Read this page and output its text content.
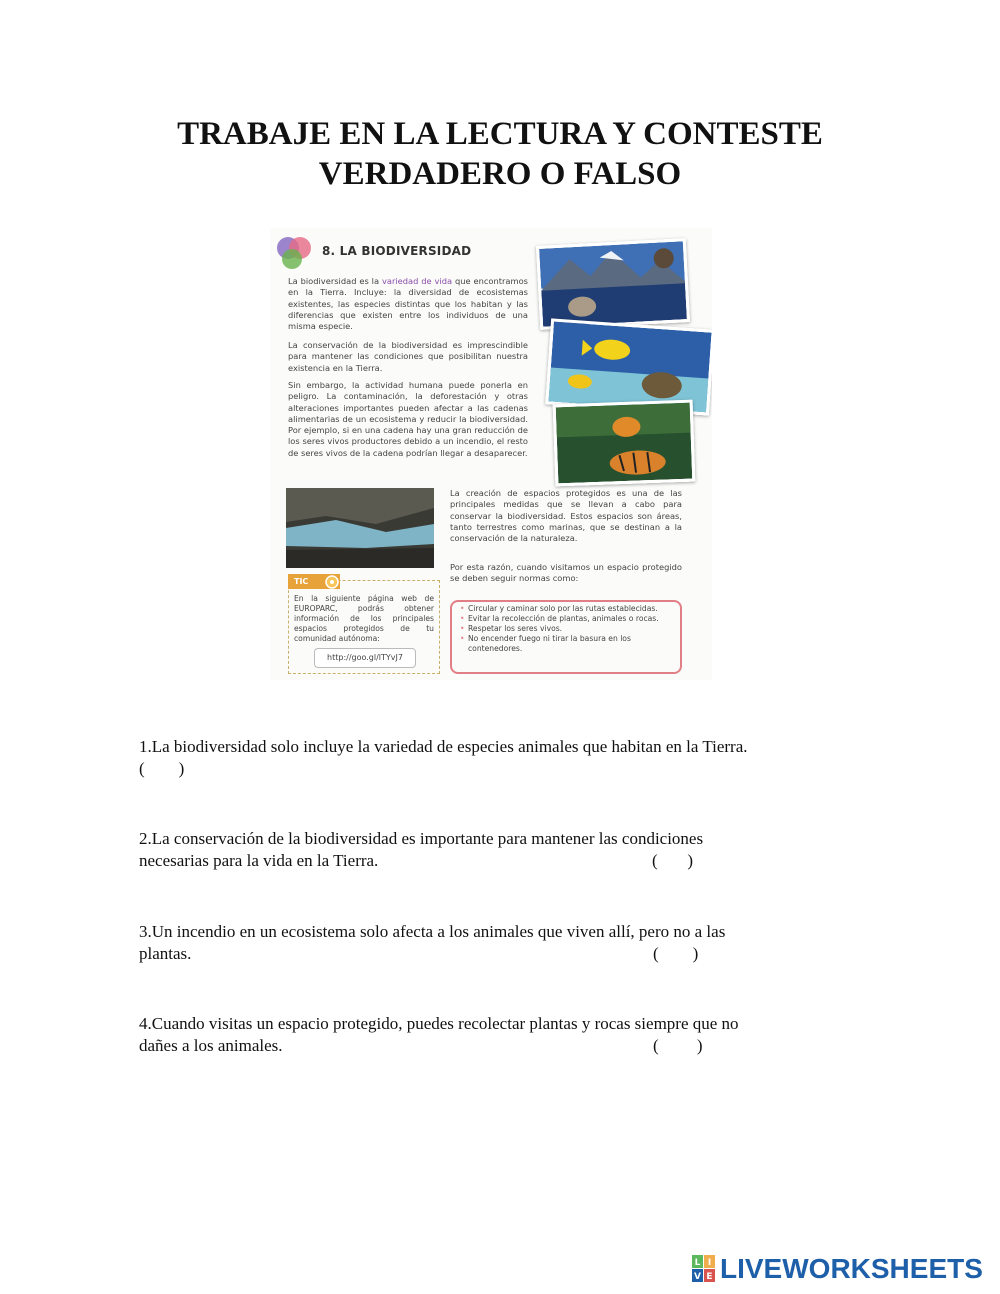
TRABAJE EN LA LECTURA Y CONTESTE
VERDADERO O FALSO
8. LA BIODIVERSIDAD
La biodiversidad es la variedad de vida que encontramos en la Tierra. Incluye: la diversidad de ecosistemas existentes, las especies distintas que los habitan y las diferencias que existen entre los individuos de una misma especie.
La conservación de la biodiversidad es imprescindible para mantener las condiciones que posibilitan nuestra existencia en la Tierra.
Sin embargo, la actividad humana puede ponerla en peligro. La contaminación, la deforestación y otras alteraciones importantes pueden afectar a las cadenas alimentarias de un ecosistema y reducir la biodiversidad. Por ejemplo, si en una cadena hay una gran reducción de los seres vivos productores debido a un incendio, el resto de seres vivos de la cadena podrían llegar a desaparecer.
La creación de espacios protegidos es una de las principales medidas que se llevan a cabo para conservar la biodiversidad. Estos espacios son áreas, tanto terrestres como marinas, que se destinan a la conservación de la naturaleza.
Por esta razón, cuando visitamos un espacio protegido se deben seguir normas como:
TIC
En la siguiente página web de EUROPARC, podrás obtener información de los principales espacios protegidos de tu comunidad autónoma:
http://goo.gl/lTYvJ7
• Circular y caminar solo por las rutas establecidas.
• Evitar la recolección de plantas, animales o rocas.
• Respetar los seres vivos.
• No encender fuego ni tirar la basura en los contenedores.
1.La biodiversidad solo incluye la variedad de especies animales que habitan en la Tierra.
(        )
2.La conservación de la biodiversidad es importante para mantener las condiciones
necesarias para la vida en la Tierra.	(       )
3.Un incendio en un ecosistema solo afecta a los animales que viven allí, pero no a las
plantas.	(        )
4.Cuando visitas un espacio protegido, puedes recolectar plantas y rocas siempre que no
dañes a los animales.	(         )
L I
V E LIVEWORKSHEETS
